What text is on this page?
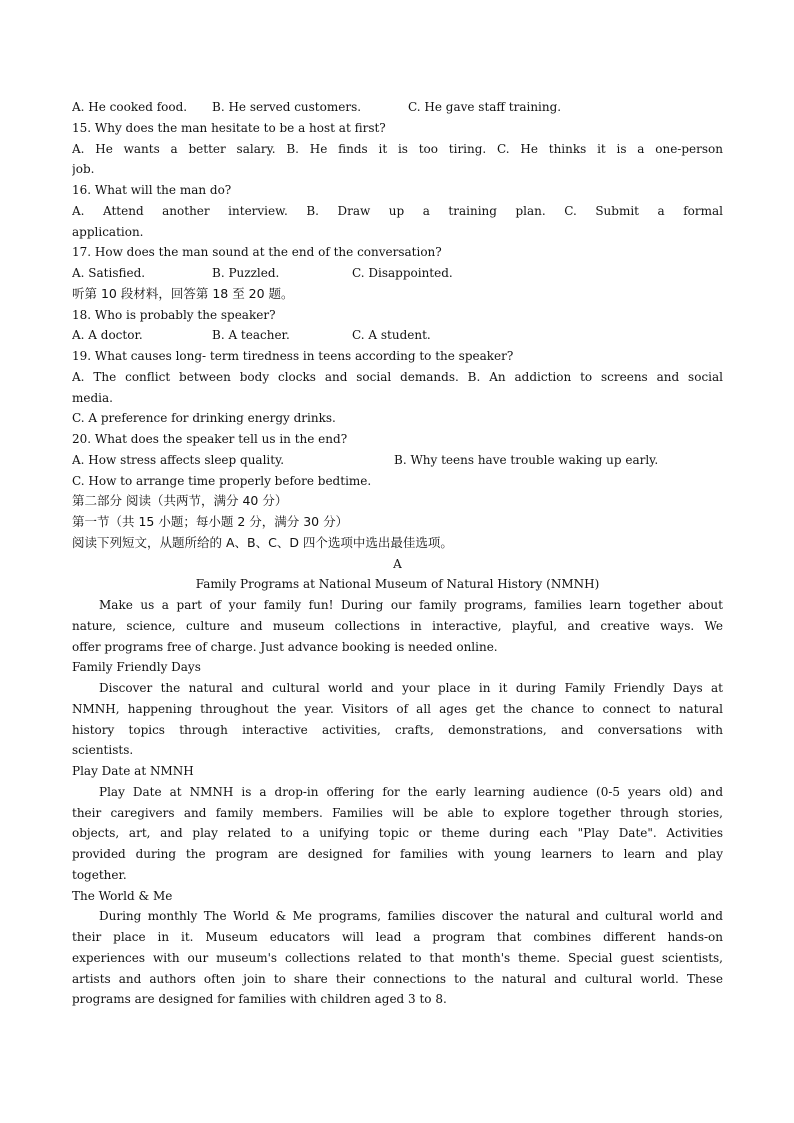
A. He cooked food.	B. He served customers.	C. He gave staff training.
15. Why does the man hesitate to be a host at first?
A. He wants a better salary. B. He finds it is too tiring. C. He thinks it is a one-person
job.
16. What will the man do?
A. Attend another interview. B. Draw up a training plan. C. Submit a formal
application.
17. How does the man sound at the end of the conversation?
A. Satisfied.	B. Puzzled.	C. Disappointed.
听第 10 段材料，回答第 18 至 20 题。
18. Who is probably the speaker?
A. A doctor.	B. A teacher.	C. A student.
19. What causes long- term tiredness in teens according to the speaker?
A. The conflict between body clocks and social demands. B. An addiction to screens and social
media.
C. A preference for drinking energy drinks.
20. What does the speaker tell us in the end?
A. How stress affects sleep quality.	B. Why teens have trouble waking up early.
C. How to arrange time properly before bedtime.
第二部分 阅读（共两节，满分 40 分）
第一节（共 15 小题；每小题 2 分，满分 30 分）
阅读下列短文，从题所给的 A、B、C、D 四个选项中选出最佳选项。
A
Family Programs at National Museum of Natural History (NMNH)
Make us a part of your family fun! During our family programs, families learn together about
nature, science, culture and museum collections in interactive, playful, and creative ways. We
offer programs free of charge. Just advance booking is needed online.
Family Friendly Days
Discover the natural and cultural world and your place in it during Family Friendly Days at
NMNH, happening throughout the year. Visitors of all ages get the chance to connect to natural
history topics through interactive activities, crafts, demonstrations, and conversations with
scientists.
Play Date at NMNH
Play Date at NMNH is a drop-in offering for the early learning audience (0-5 years old) and
their caregivers and family members. Families will be able to explore together through stories,
objects, art, and play related to a unifying topic or theme during each "Play Date". Activities
provided during the program are designed for families with young learners to learn and play
together.
The World & Me
During monthly The World & Me programs, families discover the natural and cultural world and
their place in it. Museum educators will lead a program that combines different hands-on
experiences with our museum's collections related to that month's theme. Special guest scientists,
artists and authors often join to share their connections to the natural and cultural world. These
programs are designed for families with children aged 3 to 8.
